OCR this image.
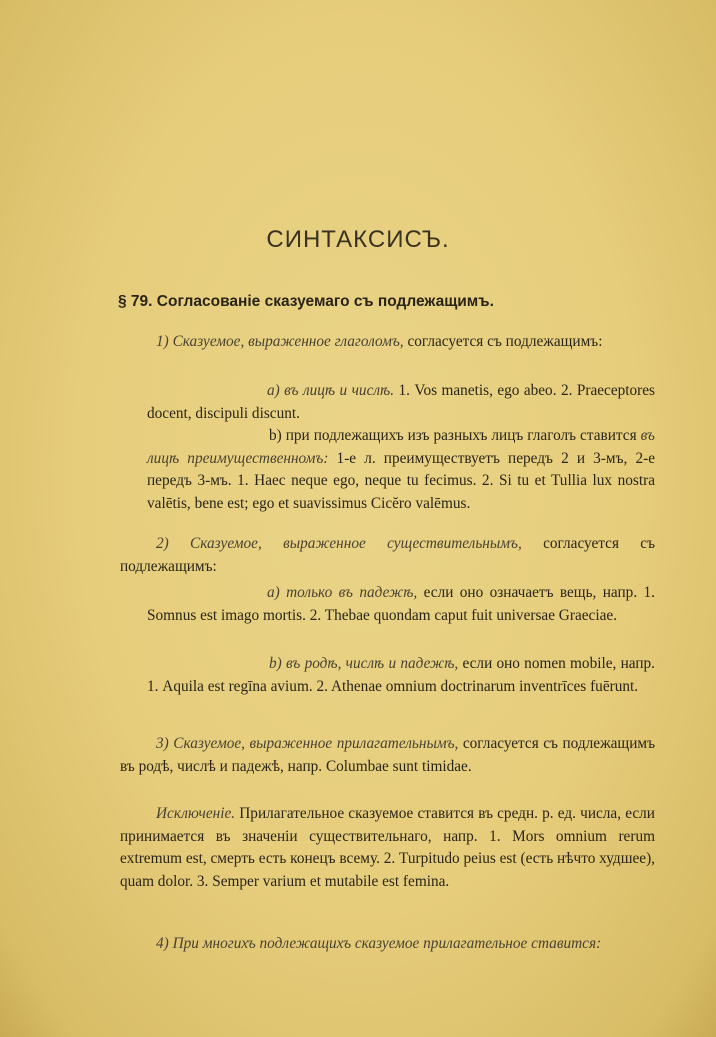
СИНТАКСИСЪ.
§ 79. Согласованіе сказуемаго съ подлежащимъ.
1) Сказуемое, выраженное глаголомъ, согласуется съ подлежащимъ:
a) въ лицѣ и числѣ. 1. Vos manetis, ego abeo. 2. Praeceptores docent, discipuli discunt.
b) при подлежащихъ изъ разныхъ лицъ глаголъ ставится въ лицѣ преимущественномъ: 1-е л. преимуществуетъ передъ 2 и 3-мъ, 2-е передъ 3-мъ. 1. Haec neque ego, neque tu fecimus. 2. Si tu et Tullia lux nostra valētis, bene est; ego et suavissimus Cicĕro valēmus.
2) Сказуемое, выраженное существительнымъ, согласуется съ подлежащимъ:
a) только въ падежѣ, если оно означаетъ вещь, напр. 1. Somnus est imago mortis. 2. Thebae quondam caput fuit universae Graeciae.
b) въ родѣ, числѣ и падежѣ, если оно nomen mobile, напр. 1. Aquila est regīna avium. 2. Athenae omnium doctrinarum inventrīces fuērunt.
3) Сказуемое, выраженное прилагательнымъ, согласуется съ подлежащимъ въ родѣ, числѣ и падежѣ, напр. Columbae sunt timidae.
Исключеніе. Прилагательное сказуемое ставится въ средн. р. ед. числа, если принимается въ значеніи существительнаго, напр. 1. Mors omnium rerum extremum est, смерть есть конецъ всему. 2. Turpitudo peius est (есть нѣчто худшее), quam dolor. 3. Semper varium et mutabile est femina.
4) При многихъ подлежащихъ сказуемое прилагательное ставится:
